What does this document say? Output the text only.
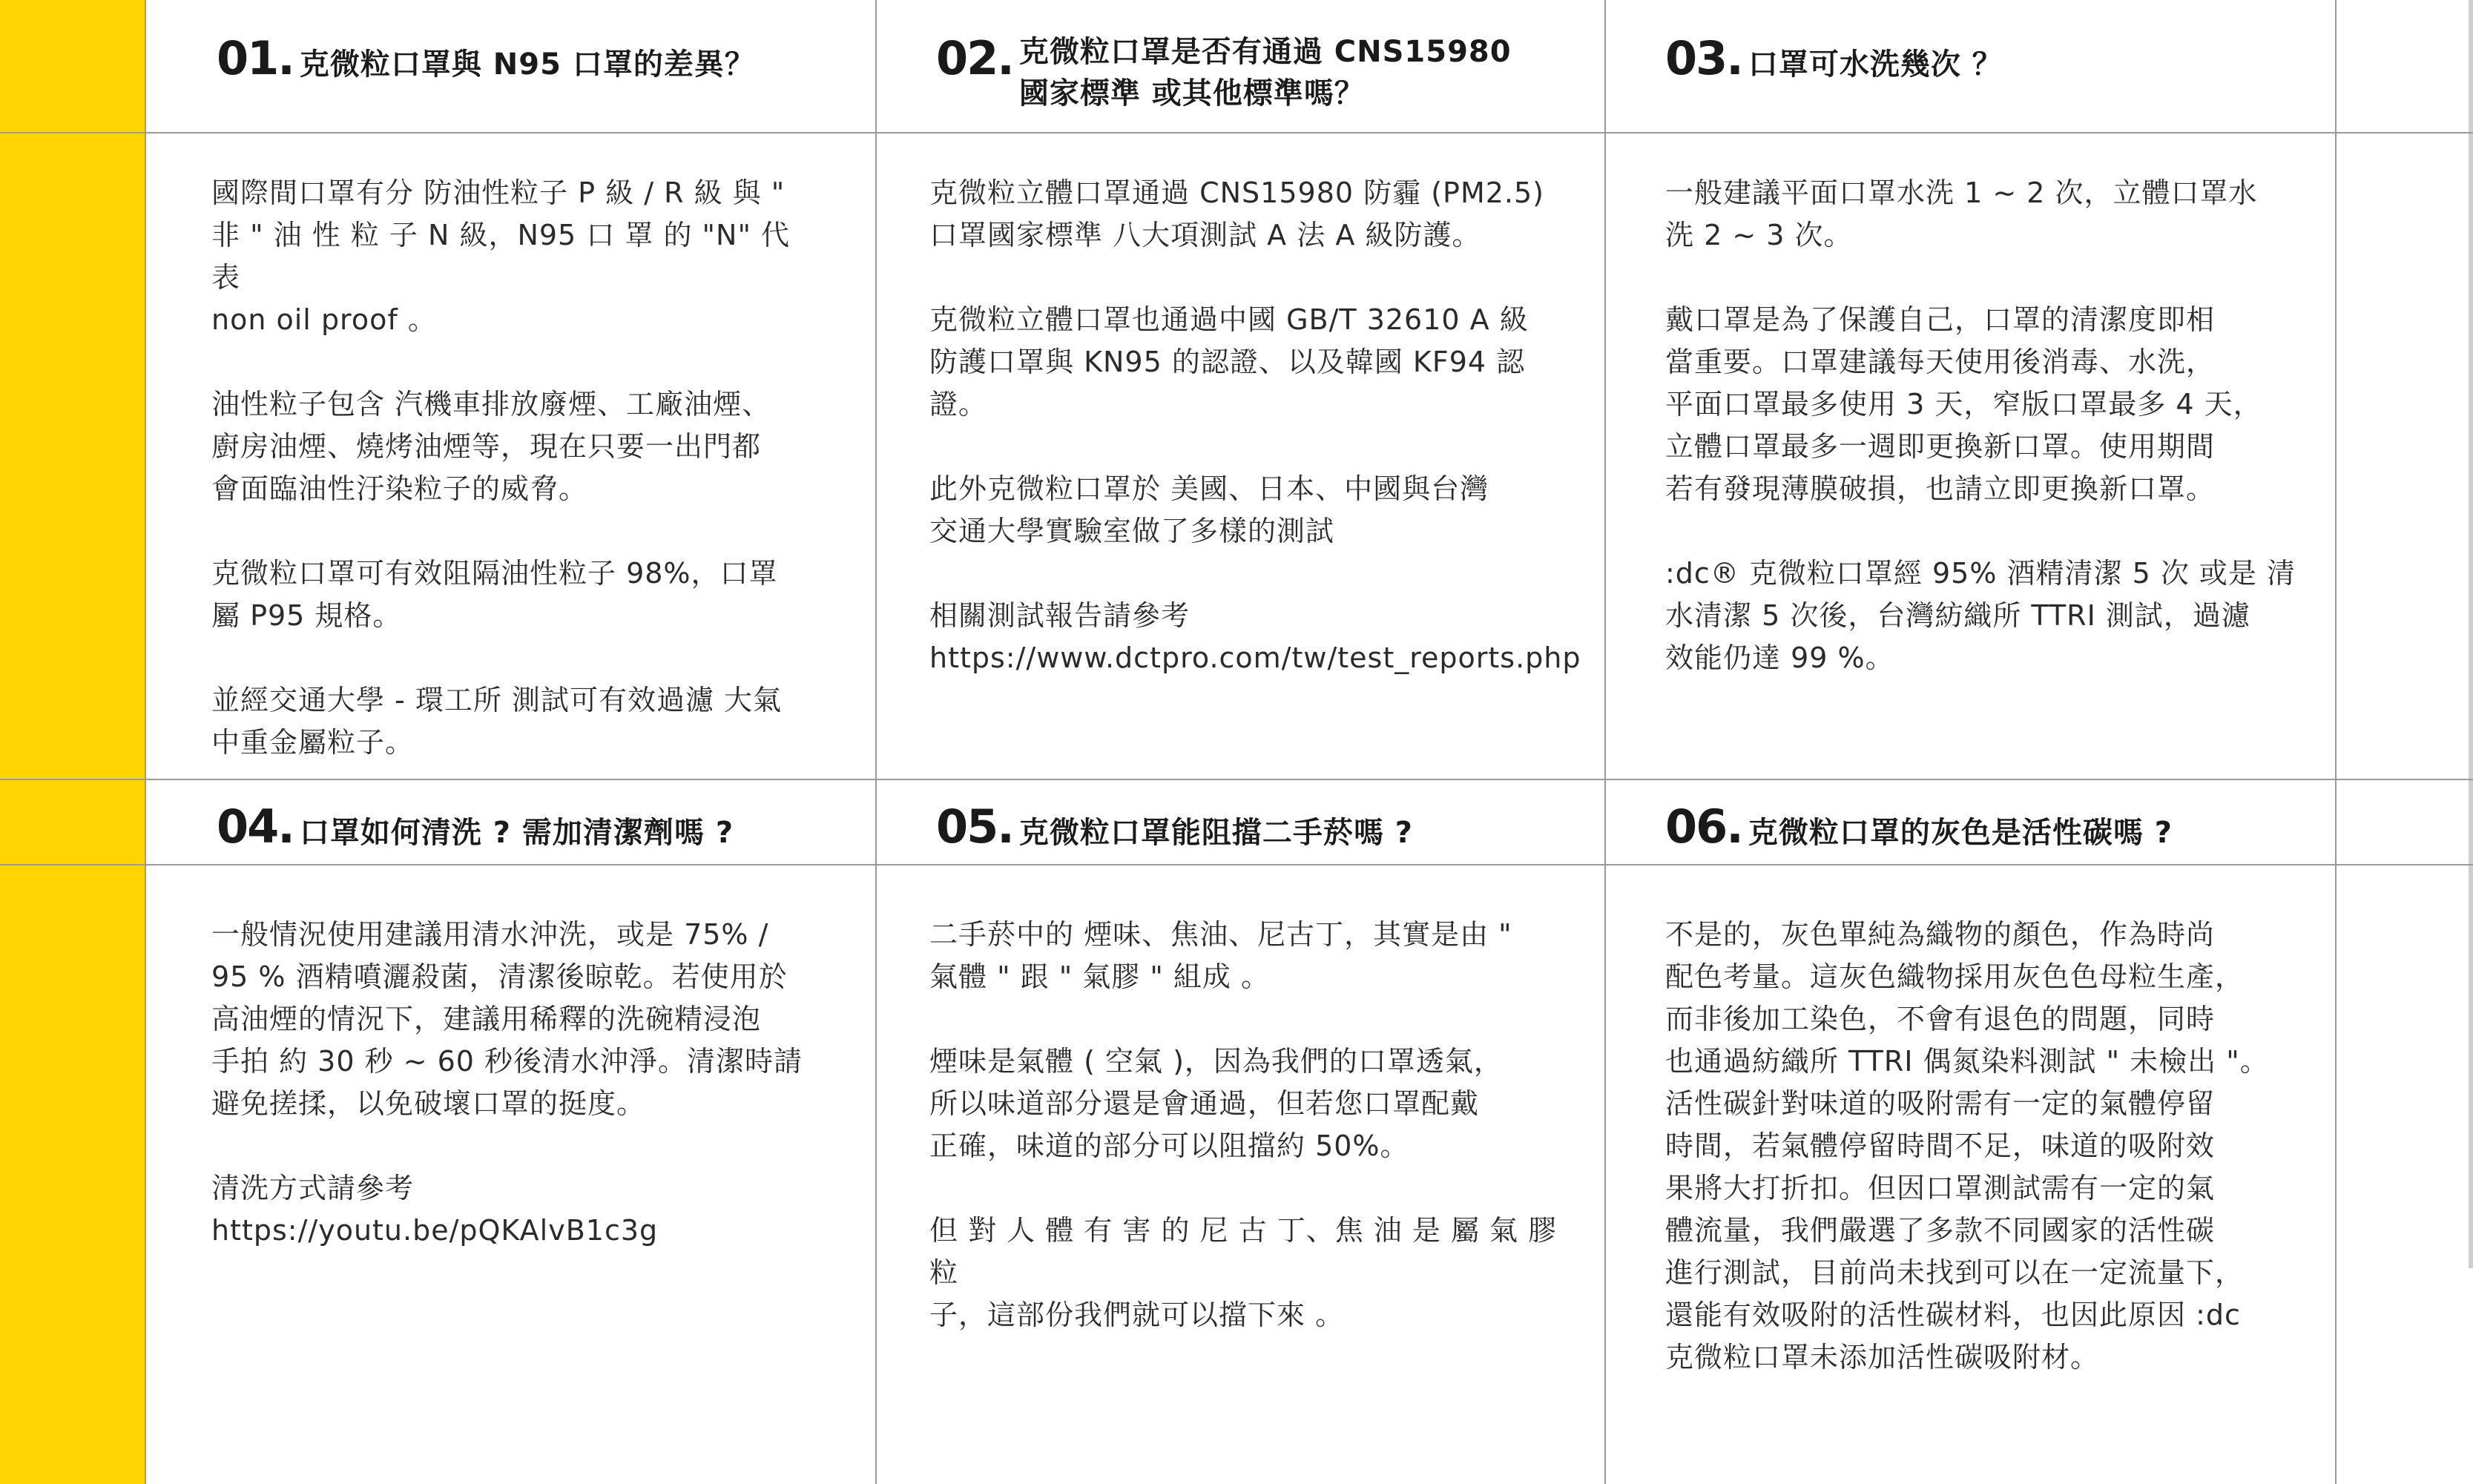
01. 克微粒口罩與 N95 口罩的差異？

國際間口罩有分 防油性粒子 P 級 / R 級 與 "
非 " 油 性 粒 子 N 級，N95 口 罩 的 "N" 代 表
non oil proof 。

油性粒子包含 汽機車排放廢煙、工廠油煙、
廚房油煙、燒烤油煙等，現在只要一出門都
會面臨油性汙染粒子的威脅。

克微粒口罩可有效阻隔油性粒子 98%，口罩
屬 P95 規格。

並經交通大學 - 環工所 測試可有效過濾 大氣
中重金屬粒子。

02. 克微粒口罩是否有通過 CNS15980
國家標準 或其他標準嗎？

克微粒立體口罩通過 CNS15980 防霾 (PM2.5)
口罩國家標準 八大項測試 A 法 A 級防護。

克微粒立體口罩也通過中國 GB/T 32610 A 級
防護口罩與 KN95 的認證、以及韓國 KF94 認
證。

此外克微粒口罩於 美國、日本、中國與台灣
交通大學實驗室做了多樣的測試

相關測試報告請參考
https://www.dctpro.com/tw/test_reports.php

03. 口罩可水洗幾次 ？

一般建議平面口罩水洗 1 ~ 2 次，立體口罩水
洗 2 ~ 3 次。

戴口罩是為了保護自己，口罩的清潔度即相
當重要。口罩建議每天使用後消毒、水洗，
平面口罩最多使用 3 天，窄版口罩最多 4 天，
立體口罩最多一週即更換新口罩。使用期間
若有發現薄膜破損，也請立即更換新口罩。

:dc® 克微粒口罩經 95% 酒精清潔 5 次 或是 清
水清潔 5 次後，台灣紡織所 TTRI 測試，過濾
效能仍達 99 %。

04. 口罩如何清洗 ? 需加清潔劑嗎 ?

一般情況使用建議用清水沖洗，或是 75% /
95 % 酒精噴灑殺菌，清潔後晾乾。若使用於
高油煙的情況下，建議用稀釋的洗碗精浸泡
手拍 約 30 秒 ~ 60 秒後清水沖淨。清潔時請
避免搓揉，以免破壞口罩的挺度。

清洗方式請參考
https://youtu.be/pQKAlvB1c3g

05. 克微粒口罩能阻擋二手菸嗎 ?

二手菸中的 煙味、焦油、尼古丁，其實是由 "
氣體 " 跟 " 氣膠 " 組成 。

煙味是氣體 ( 空氣 )，因為我們的口罩透氣，
所以味道部分還是會通過，但若您口罩配戴
正確，味道的部分可以阻擋約 50%。

但 對 人 體 有 害 的 尼 古 丁、焦 油 是 屬 氣 膠 粒
子，這部份我們就可以擋下來 。

06. 克微粒口罩的灰色是活性碳嗎 ?

不是的，灰色單純為織物的顏色，作為時尚
配色考量。這灰色織物採用灰色色母粒生產，
而非後加工染色，不會有退色的問題，同時
也通過紡織所 TTRI 偶氮染料測試 " 未檢出 "。
活性碳針對味道的吸附需有一定的氣體停留
時間，若氣體停留時間不足，味道的吸附效
果將大打折扣。但因口罩測試需有一定的氣
體流量，我們嚴選了多款不同國家的活性碳
進行測試，目前尚未找到可以在一定流量下，
還能有效吸附的活性碳材料，也因此原因 :dc
克微粒口罩未添加活性碳吸附材。
